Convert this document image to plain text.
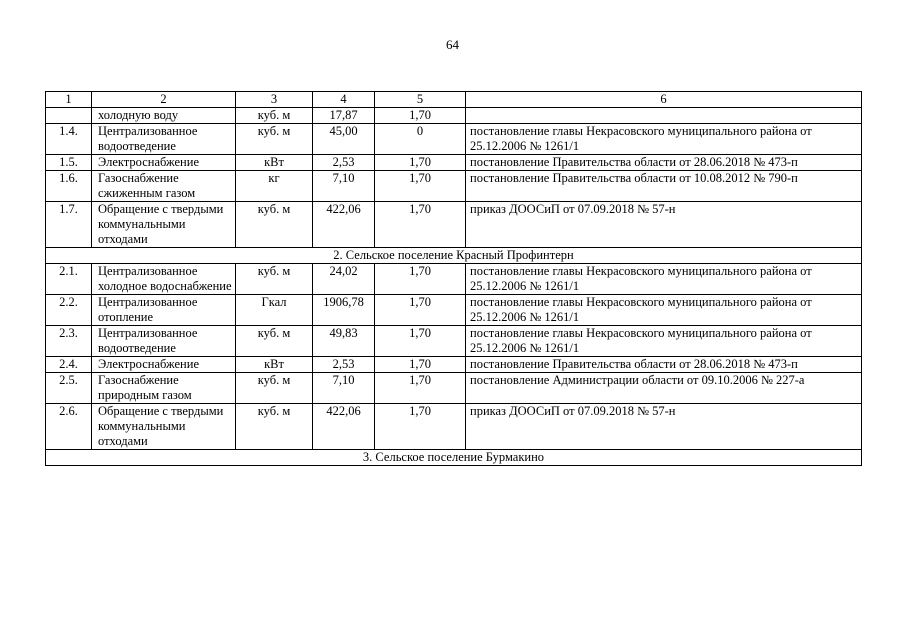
64
1	2	3	4	5	6
	холодную воду	куб. м	17,87	1,70	
1.4.	Централизованное водоотведение	куб. м	45,00	0	постановление главы Некрасовского муниципального района от 25.12.2006 № 1261/1
1.5.	Электроснабжение	кВт	2,53	1,70	постановление Правительства области от 28.06.2018 № 473-п
1.6.	Газоснабжение сжиженным газом	кг	7,10	1,70	постановление Правительства области от 10.08.2012 № 790-п
1.7.	Обращение с твердыми коммунальными отходами	куб. м	422,06	1,70	приказ ДООСиП от 07.09.2018 № 57-н
2. Сельское поселение Красный Профинтерн					
2.1.	Централизованное холодное водоснабжение	куб. м	24,02	1,70	постановление главы Некрасовского муниципального района от 25.12.2006 № 1261/1
2.2.	Централизованное отопление	Гкал	1906,78	1,70	постановление главы Некрасовского муниципального района от 25.12.2006 № 1261/1
2.3.	Централизованное водоотведение	куб. м	49,83	1,70	постановление главы Некрасовского муниципального района от 25.12.2006 № 1261/1
2.4.	Электроснабжение	кВт	2,53	1,70	постановление Правительства области от 28.06.2018 № 473-п
2.5.	Газоснабжение природным газом	куб. м	7,10	1,70	постановление Администрации области от 09.10.2006 № 227-а
2.6.	Обращение с твердыми коммунальными отходами	куб. м	422,06	1,70	приказ ДООСиП от 07.09.2018 № 57-н
3. Сельское поселение Бурмакино					
